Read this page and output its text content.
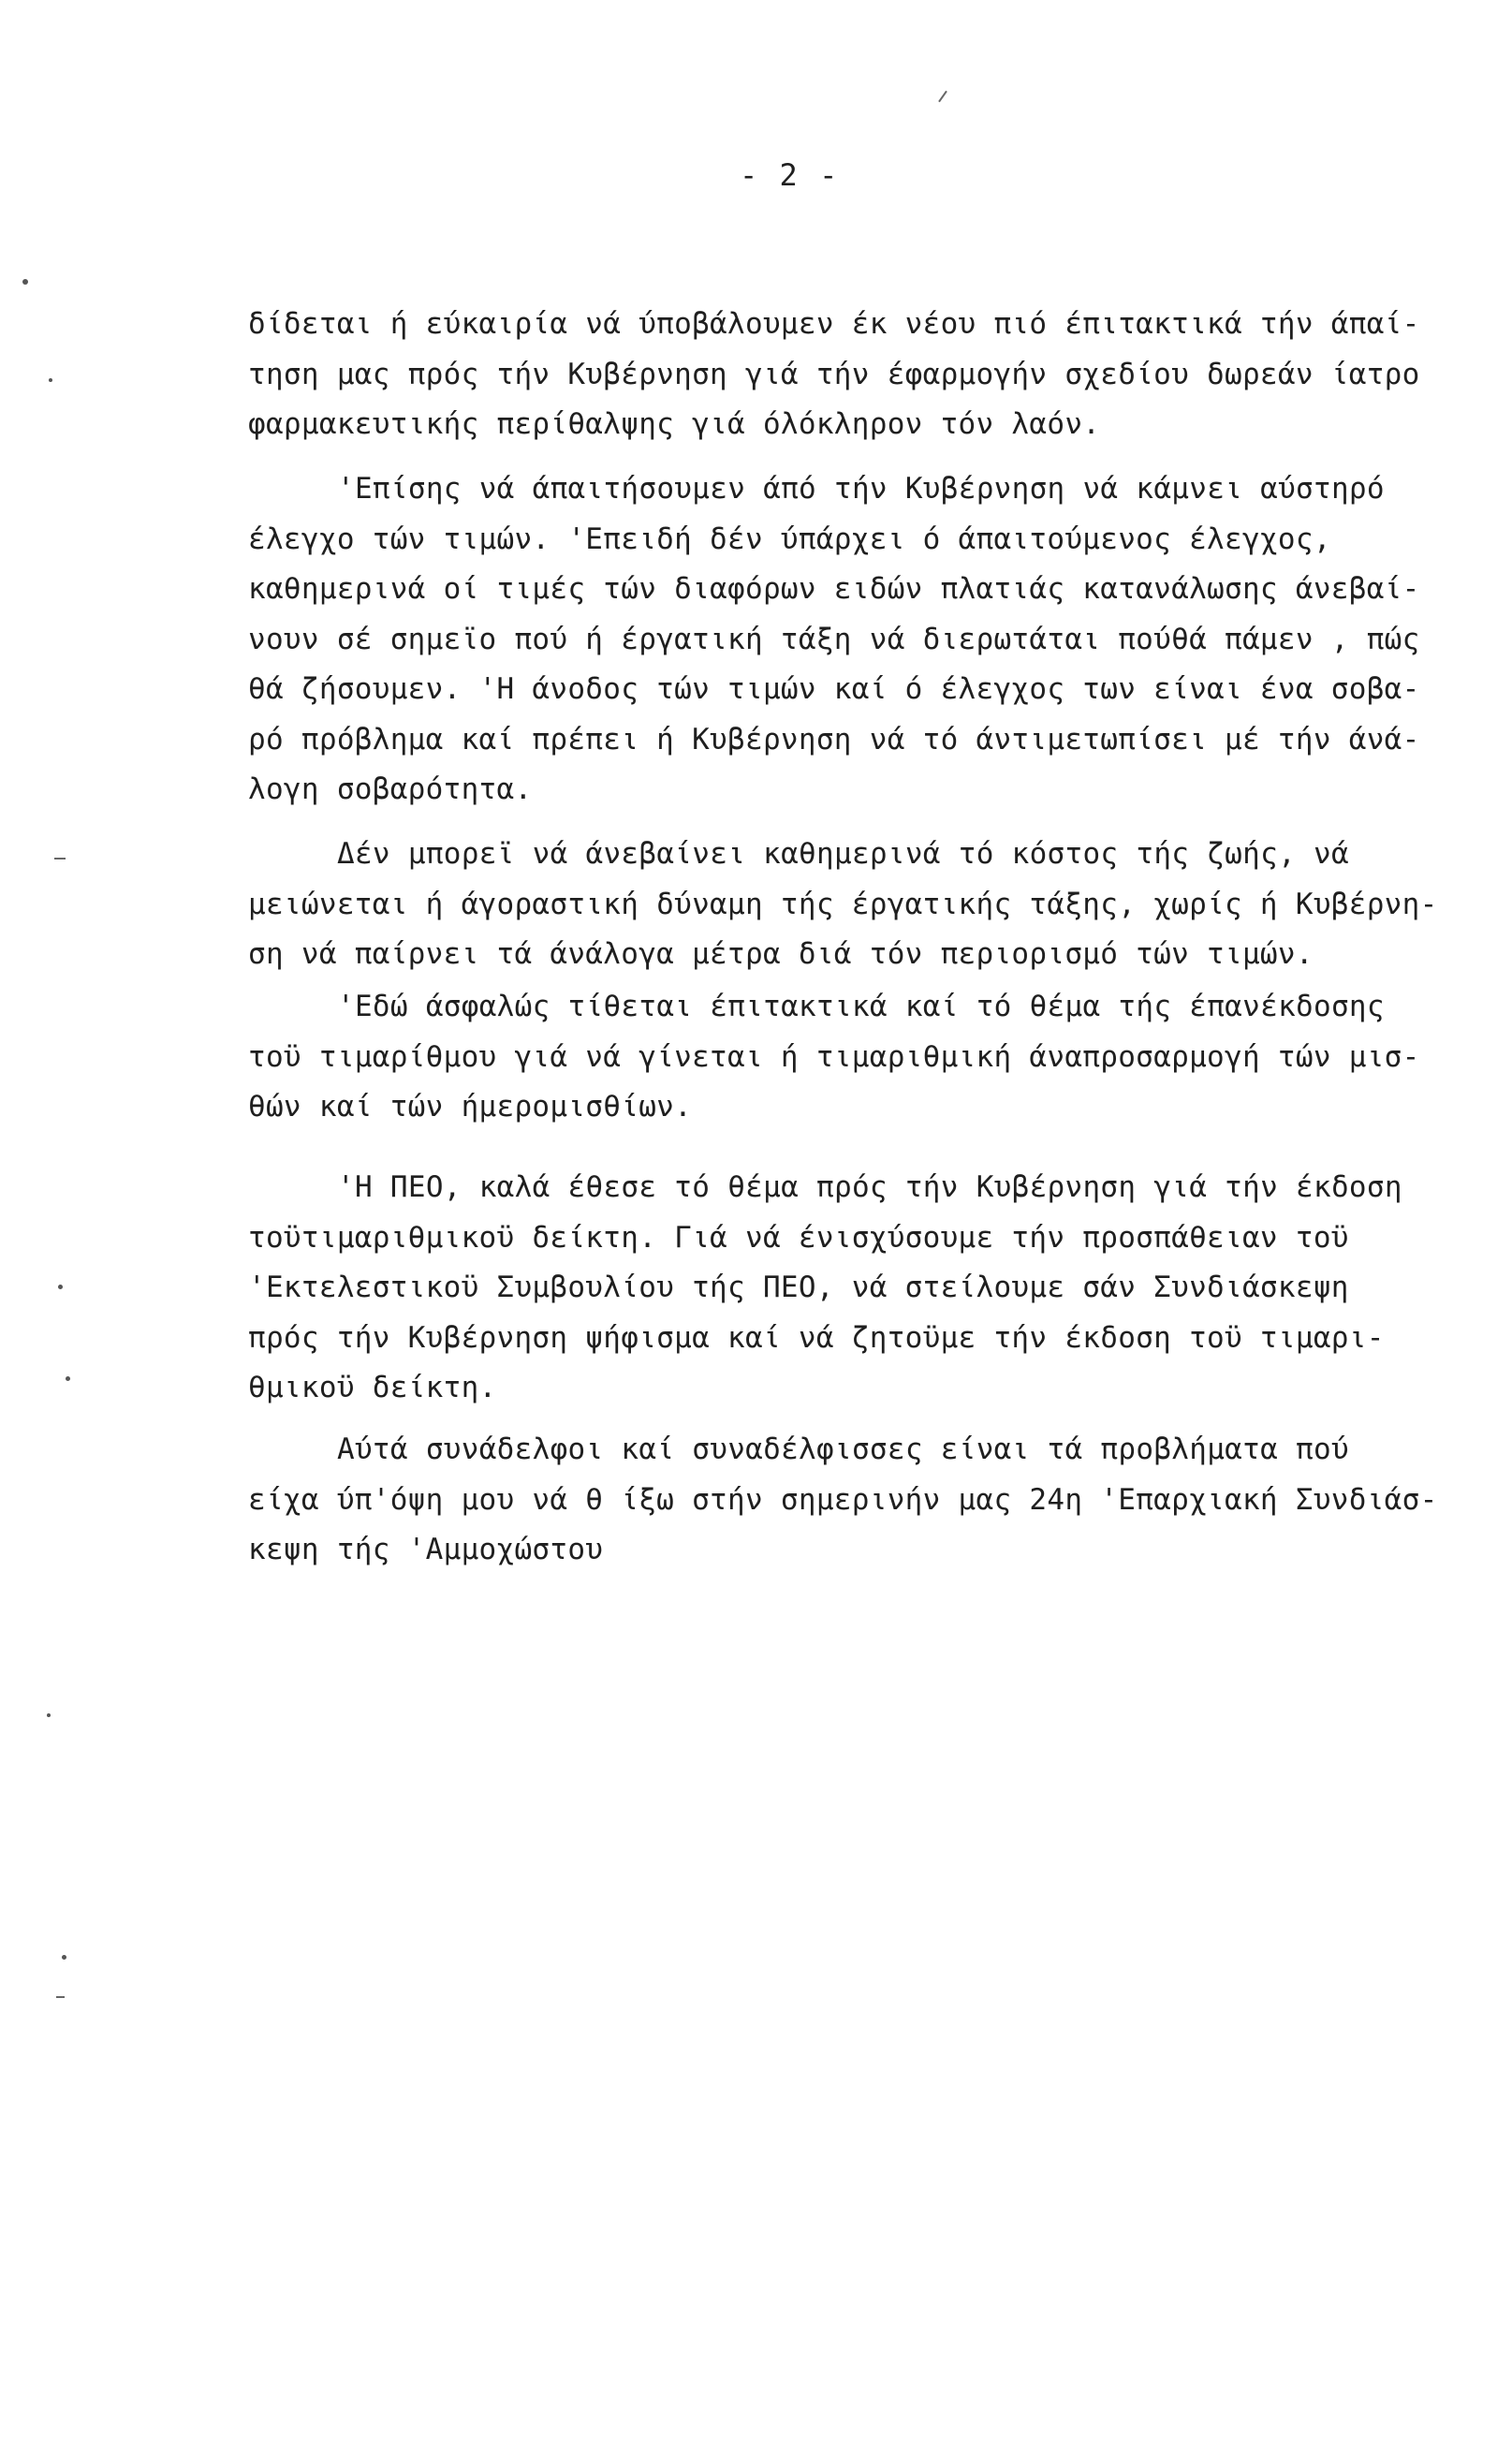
- 2 -
δίδεται ή εύκαιρία νά ύποβάλουμεν έκ νέου πιό έπιτακτικά τήν άπαί-
τηση μας πρός τήν Κυβέρνηση γιά τήν έφαρμογήν σχεδίου δωρεάν ίατρο
φαρμακευτικής περίθαλψης γιά όλόκληρον τόν λαόν.
'Επίσης νά άπαιτήσουμεν άπό τήν Κυβέρνηση νά κάμνει αύστηρό
έλεγχο τών τιμών. 'Επειδή δέν ύπάρχει ό άπαιτούμενος έλεγχος,
καθημερινά οί τιμές τών διαφόρων ειδών πλατιάς κατανάλωσης άνεβαί-
νουν σέ σημεϊο πού ή έργατική τάξη νά διερωτάται πούθά πάμεν , πώς
θά ζήσουμεν. 'Η άνοδος τών τιμών καί ό έλεγχος των είναι ένα σοβα-
ρό πρόβλημα καί πρέπει ή Κυβέρνηση νά τό άντιμετωπίσει μέ τήν άνά-
λογη σοβαρότητα.
Δέν μπορεϊ νά άνεβαίνει καθημερινά τό κόστος τής ζωής, νά
μειώνεται ή άγοραστική δύναμη τής έργατικής τάξης, χωρίς ή Κυβέρνη-
ση νά παίρνει τά άνάλογα μέτρα διά τόν περιορισμό τών τιμών.
'Εδώ άσφαλώς τίθεται έπιτακτικά καί τό θέμα τής έπανέκδοσης
τοϋ τιμαρίθμου γιά νά γίνεται ή τιμαριθμική άναπροσαρμογή τών μισ-
θών καί τών ήμερομισθίων.
'Η ΠΕΟ, καλά έθεσε τό θέμα πρός τήν Κυβέρνηση γιά τήν έκδοση
τοϋτιμαριθμικοϋ δείκτη. Γιά νά ένισχύσουμε τήν προσπάθειαν τοϋ
'Εκτελεστικοϋ Συμβουλίου τής ΠΕΟ, νά στείλουμε σάν Συνδιάσκεψη
πρός τήν Κυβέρνηση ψήφισμα καί νά ζητοϋμε τήν έκδοση τοϋ τιμαρι-
θμικοϋ δείκτη.
Αύτά συνάδελφοι καί συναδέλφισσες είναι τά προβλήματα πού
είχα ύπ'όψη μου νά θ ίξω στήν σημερινήν μας 24η 'Επαρχιακή Συνδιάσ-
κεψη τής 'Αμμοχώστου
